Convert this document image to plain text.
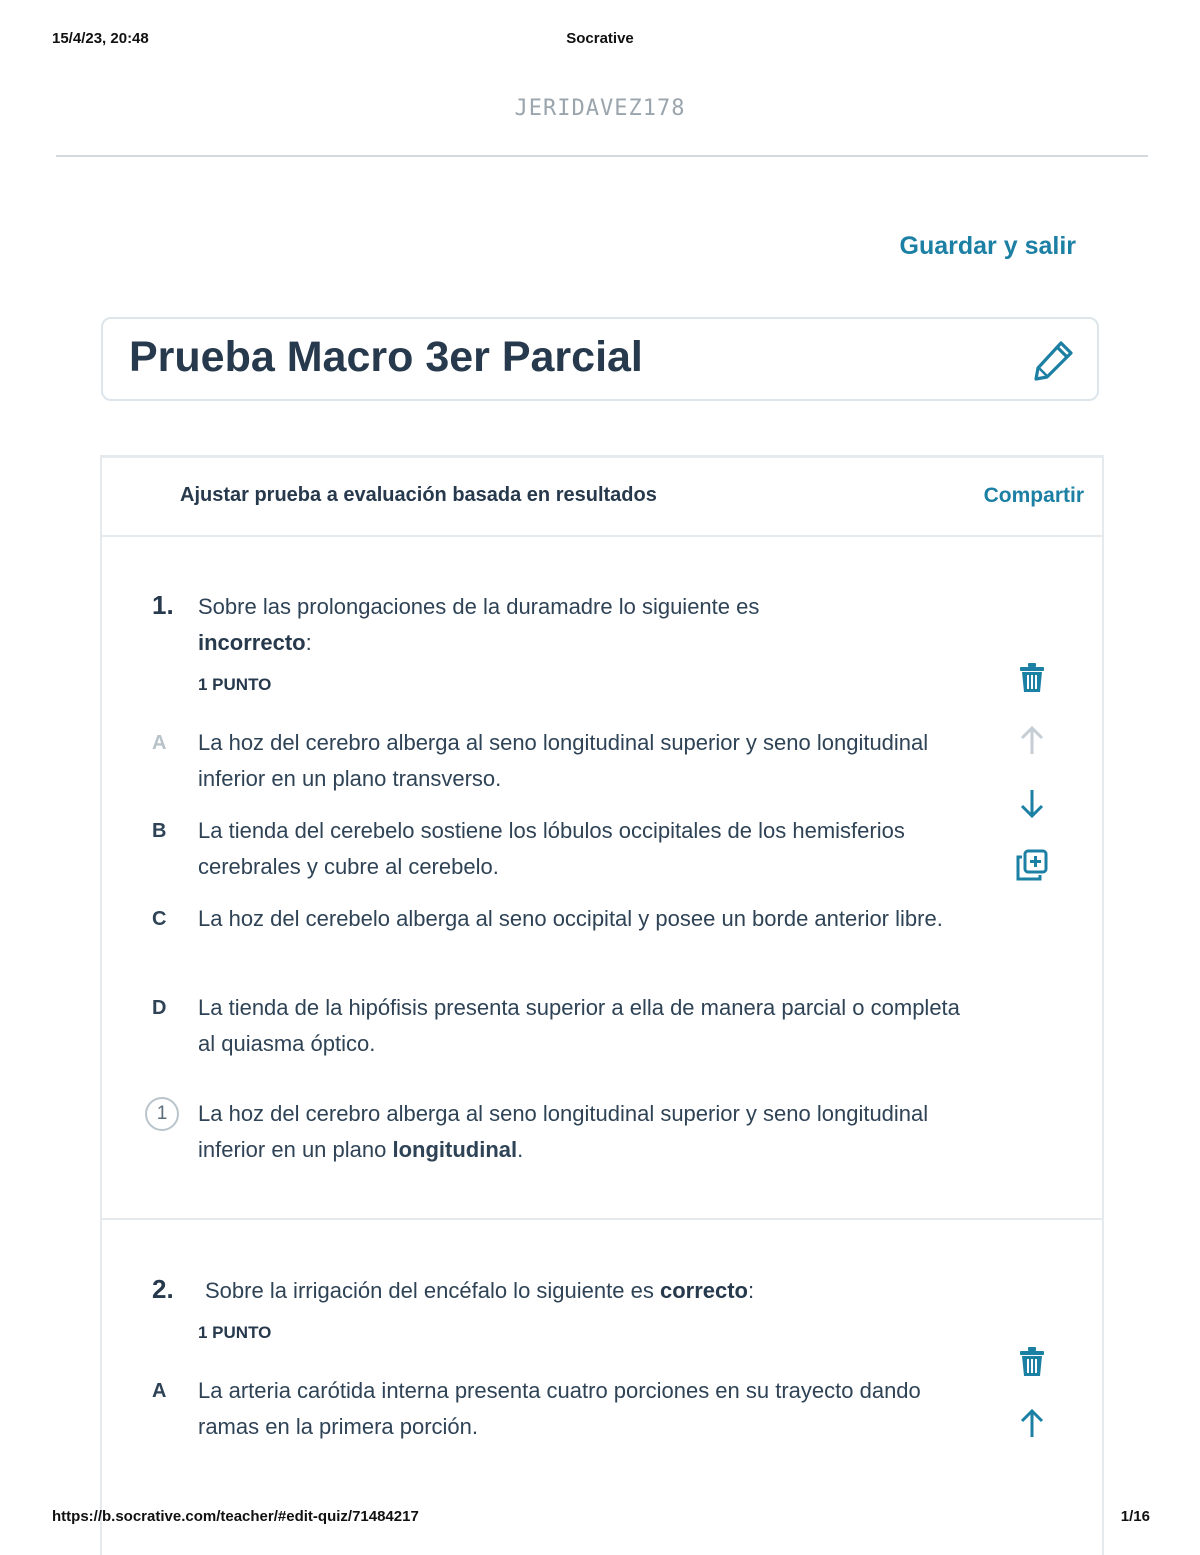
15/4/23, 20:48	Socrative
JERIDAVEZ178
Guardar y salir
Prueba Macro 3er Parcial
Ajustar prueba a evaluación basada en resultados	Compartir
1. Sobre las prolongaciones de la duramadre lo siguiente es incorrecto:
1 PUNTO
A	La hoz del cerebro alberga al seno longitudinal superior y seno longitudinal inferior en un plano transverso.
B	La tienda del cerebelo sostiene los lóbulos occipitales de los hemisferios cerebrales y cubre al cerebelo.
C	La hoz del cerebelo alberga al seno occipital y posee un borde anterior libre.
D	La tienda de la hipófisis presenta superior a ella de manera parcial o completa al quiasma óptico.
1	La hoz del cerebro alberga al seno longitudinal superior y seno longitudinal inferior en un plano longitudinal.
2. Sobre la irrigación del encéfalo lo siguiente es correcto:
1 PUNTO
A	La arteria carótida interna presenta cuatro porciones en su trayecto dando ramas en la primera porción.
https://b.socrative.com/teacher/#edit-quiz/71484217	1/16
